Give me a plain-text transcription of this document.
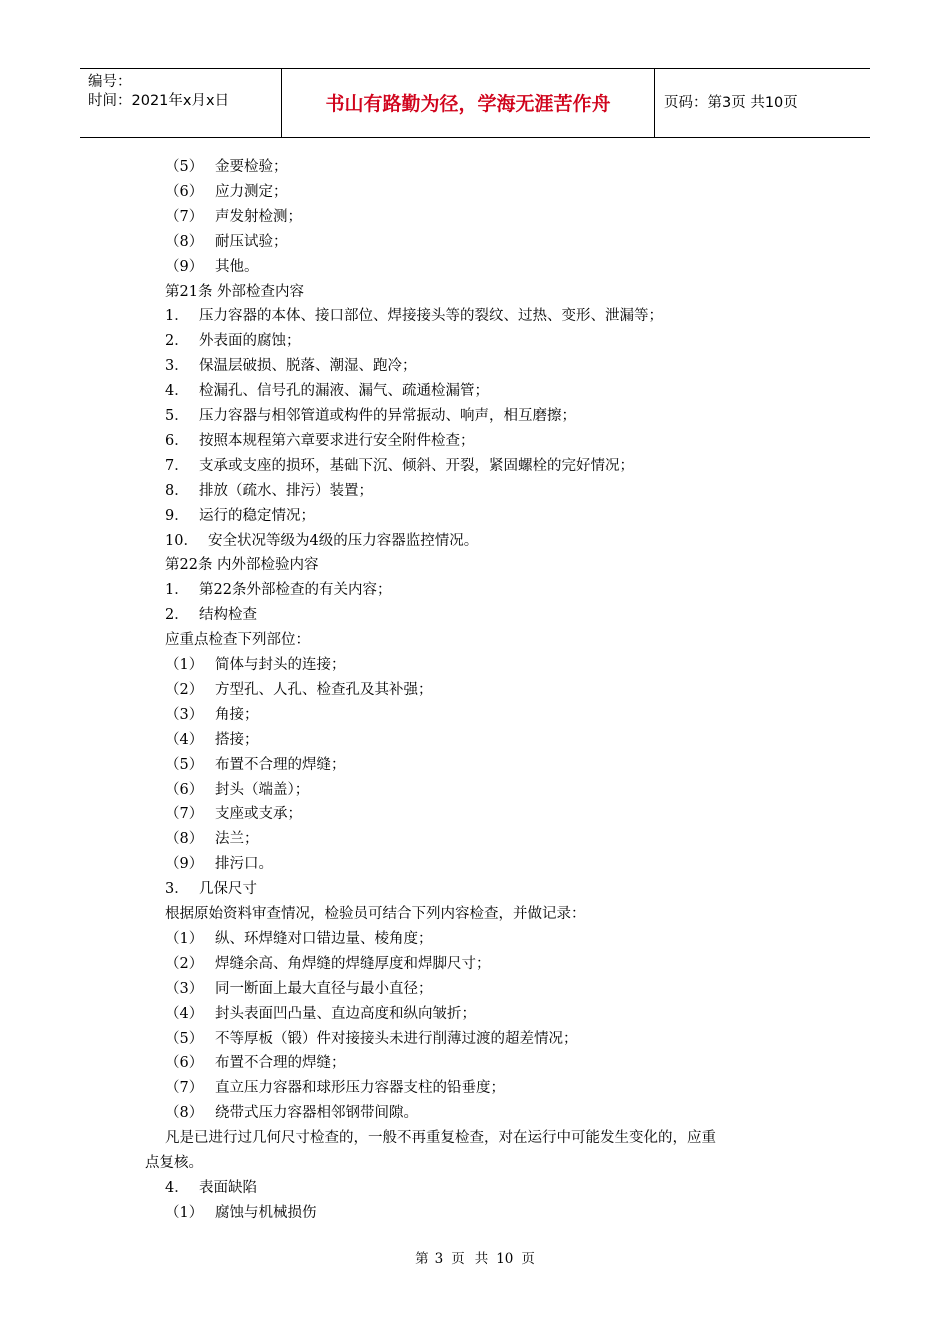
编号：
时间：2021年x月x日	书山有路勤为径，学海无涯苦作舟	页码：第3页 共10页
（5） 金要检验；
（6） 应力测定；
（7） 声发射检测；
（8） 耐压试验；
（9） 其他。
第21条 外部检查内容
1． 压力容器的本体、接口部位、焊接接头等的裂纹、过热、变形、泄漏等；
2． 外表面的腐蚀；
3． 保温层破损、脱落、潮湿、跑冷；
4． 检漏孔、信号孔的漏液、漏气、疏通检漏管；
5． 压力容器与相邻管道或构件的异常振动、响声，相互磨擦；
6． 按照本规程第六章要求进行安全附件检查；
7． 支承或支座的损环，基础下沉、倾斜、开裂，紧固螺栓的完好情况；
8． 排放（疏水、排污）装置；
9． 运行的稳定情况；
10． 安全状况等级为4级的压力容器监控情况。
第22条 内外部检验内容
1． 第22条外部检查的有关内容；
2． 结构检查
应重点检查下列部位：
（1） 简体与封头的连接；
（2） 方型孔、人孔、检查孔及其补强；
（3） 角接；
（4） 搭接；
（5） 布置不合理的焊缝；
（6） 封头（端盖）；
（7） 支座或支承；
（8） 法兰；
（9） 排污口。
3． 几保尺寸
根据原始资料审查情况，检验员可结合下列内容检查，并做记录：
（1） 纵、环焊缝对口错边量、棱角度；
（2） 焊缝余高、角焊缝的焊缝厚度和焊脚尺寸；
（3） 同一断面上最大直径与最小直径；
（4） 封头表面凹凸量、直边高度和纵向皱折；
（5） 不等厚板（锻）件对接接头未进行削薄过渡的超差情况；
（6） 布置不合理的焊缝；
（7） 直立压力容器和球形压力容器支柱的铅垂度；
（8） 绕带式压力容器相邻钢带间隙。
凡是已进行过几何尺寸检查的，一般不再重复检查，对在运行中可能发生变化的，应重
点复核。
4． 表面缺陷
（1） 腐蚀与机械损伤
第 3 页 共 10 页
